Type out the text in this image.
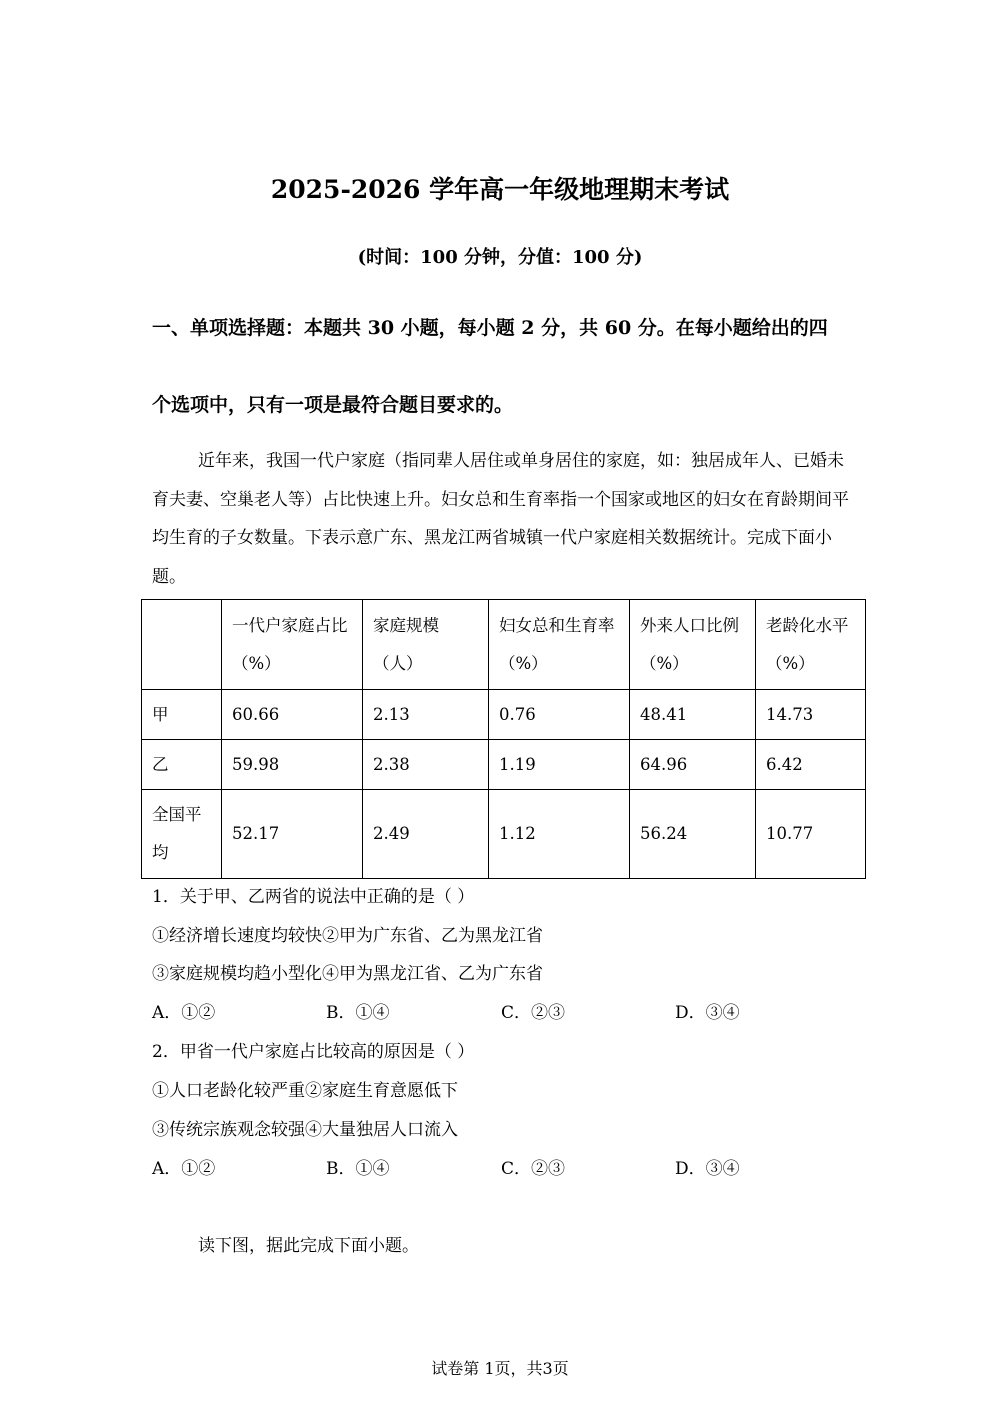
2025-2026 学年高一年级地理期末考试
(时间：100 分钟，分值：100 分)
一、单项选择题：本题共 30 小题，每小题 2 分，共 60 分。在每小题给出的四
个选项中，只有一项是最符合题目要求的。
近年来，我国一代户家庭（指同辈人居住或单身居住的家庭，如：独居成年人、已婚未育夫妻、空巢老人等）占比快速上升。妇女总和生育率指一个国家或地区的妇女在育龄期间平均生育的子女数量。下表示意广东、黑龙江两省城镇一代户家庭相关数据统计。完成下面小题。
	一代户家庭占比（%）	家庭规模（人）	妇女总和生育率（%）	外来人口比例（%）	老龄化水平（%）
甲	60.66	2.13	0.76	48.41	14.73
乙	59.98	2.38	1.19	64.96	6.42
全国平均	52.17	2.49	1.12	56.24	10.77
1．关于甲、乙两省的说法中正确的是（ ）
①经济增长速度均较快②甲为广东省、乙为黑龙江省
③家庭规模均趋小型化④甲为黑龙江省、乙为广东省
A．①②	B．①④	C．②③	D．③④
2．甲省一代户家庭占比较高的原因是（ ）
①人口老龄化较严重②家庭生育意愿低下
③传统宗族观念较强④大量独居人口流入
A．①②	B．①④	C．②③	D．③④
读下图，据此完成下面小题。
试卷第 1页，共3页
